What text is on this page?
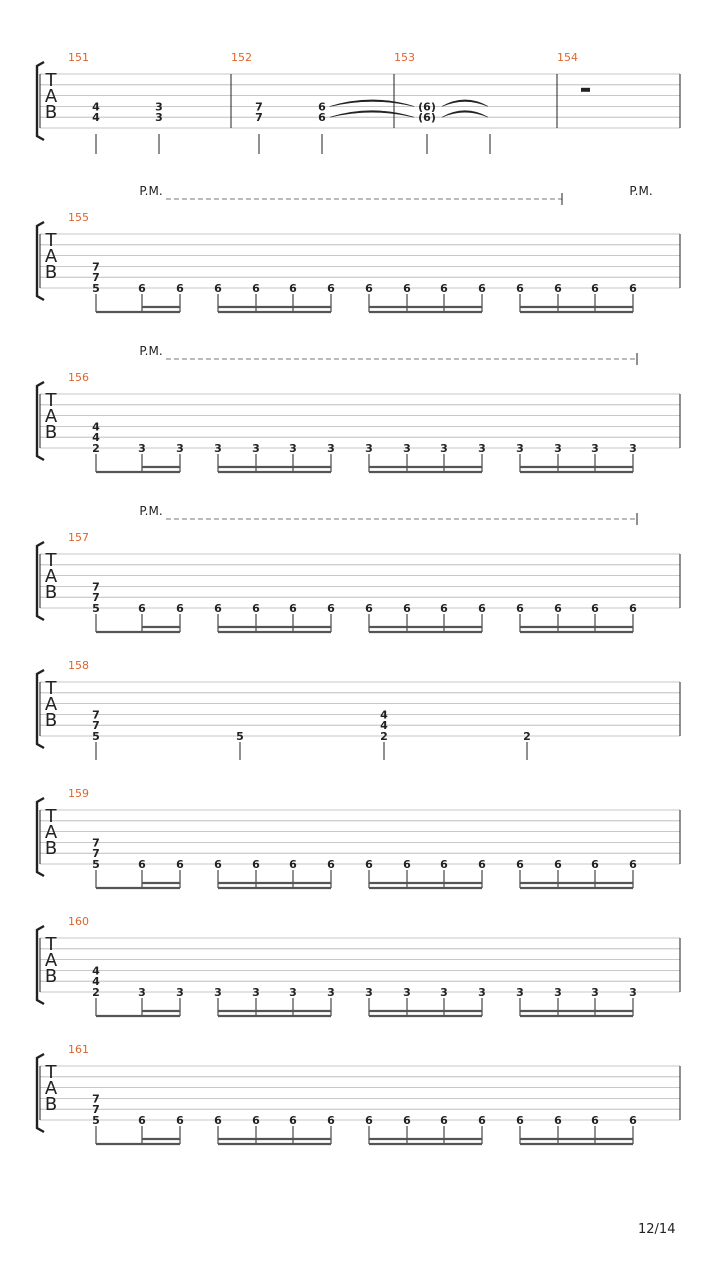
T
A
B
151
4
4
3
3
152
7
7
6
6
153
(6)
(6)
154
T
A
B
P.M.	P.M.
155
7
7
5	6	6	6	6	6	6	6	6	6	6	6	6	6	6
T
A
B
P.M.
156
4
4
2	3	3	3	3	3	3	3	3	3	3	3	3	3	3
T
A
B
P.M.
157
7
7
5	6	6	6	6	6	6	6	6	6	6	6	6	6	6
T
A
B
158
7
7
5	5
4
4
2	2
T
A
B
159
7
7
5	6	6	6	6	6	6	6	6	6	6	6	6	6	6
T
A
B
160
4
4
2	3	3	3	3	3	3	3	3	3	3	3	3	3	3
T
A
B
161
7
7
5	6	6	6	6	6	6	6	6	6	6	6	6	6	6
12/14
